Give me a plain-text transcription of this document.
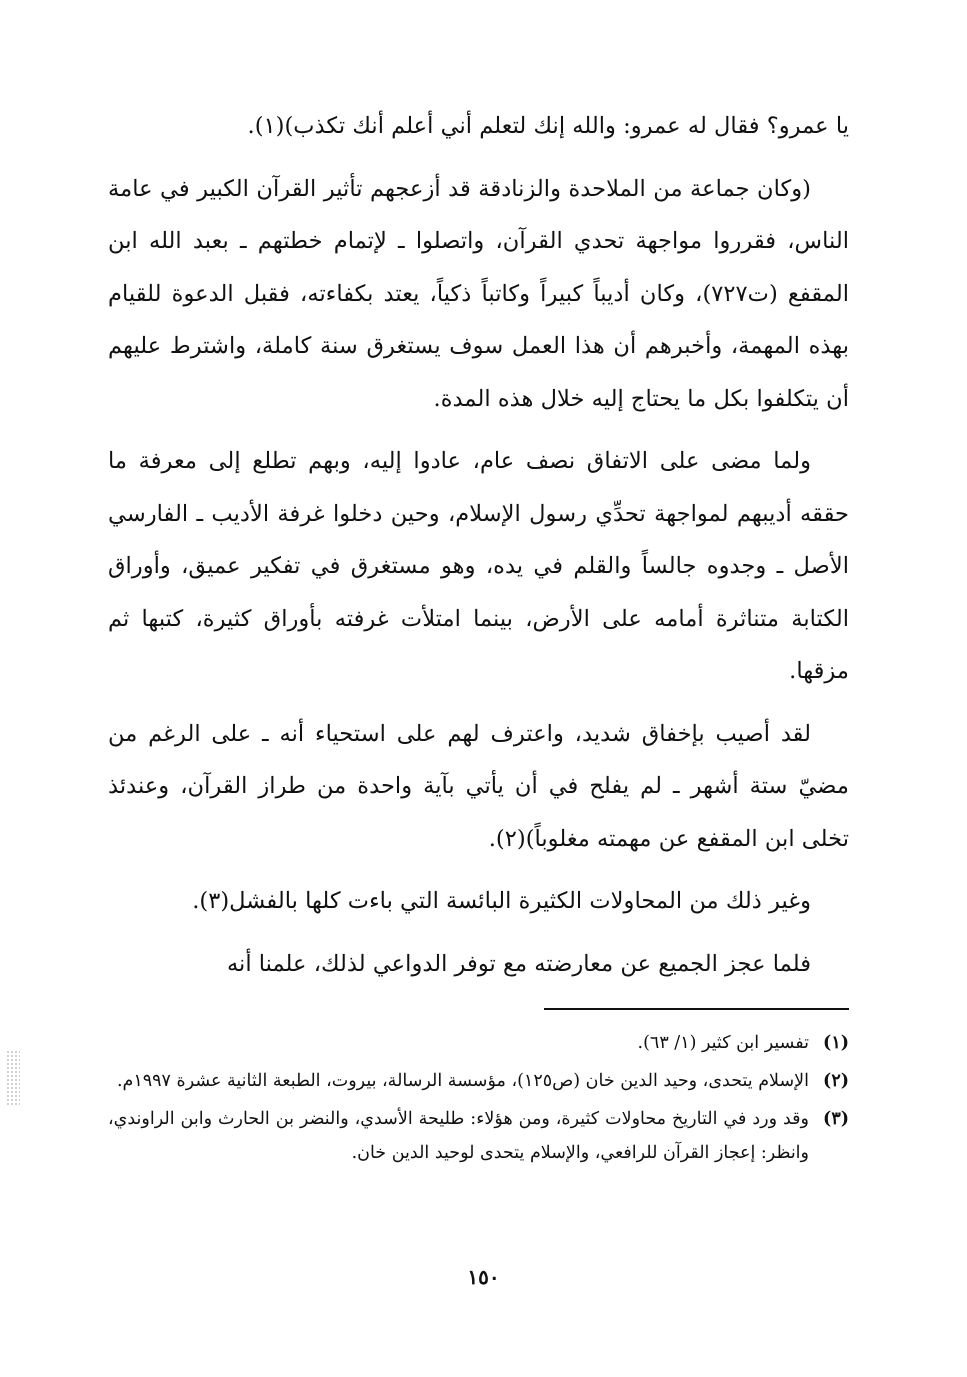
يا عمرو؟ فقال له عمرو: والله إنك لتعلم أني أعلم أنك تكذب)(١).

(وكان جماعة من الملاحدة والزنادقة قد أزعجهم تأثير القرآن الكبير في عامة الناس، فقرروا مواجهة تحدي القرآن، واتصلوا ـ لإتمام خطتهم ـ بعبد الله ابن المقفع (ت٧٢٧)، وكان أديباً كبيراً وكاتباً ذكياً، يعتد بكفاءته، فقبل الدعوة للقيام بهذه المهمة، وأخبرهم أن هذا العمل سوف يستغرق سنة كاملة، واشترط عليهم أن يتكلفوا بكل ما يحتاج إليه خلال هذه المدة.

ولما مضى على الاتفاق نصف عام، عادوا إليه، وبهم تطلع إلى معرفة ما حققه أديبهم لمواجهة تحدِّي رسول الإسلام، وحين دخلوا غرفة الأديب ـ الفارسي الأصل ـ وجدوه جالساً والقلم في يده، وهو مستغرق في تفكير عميق، وأوراق الكتابة متناثرة أمامه على الأرض، بينما امتلأت غرفته بأوراق كثيرة، كتبها ثم مزقها.

لقد أصيب بإخفاق شديد، واعترف لهم على استحياء أنه ـ على الرغم من مضيّ ستة أشهر ـ لم يفلح في أن يأتي بآية واحدة من طراز القرآن، وعندئذ تخلى ابن المقفع عن مهمته مغلوباً)(٢).

وغير ذلك من المحاولات الكثيرة البائسة التي باءت كلها بالفشل(٣).

فلما عجز الجميع عن معارضته مع توفر الدواعي لذلك، علمنا أنه

(١)
تفسير ابن كثير (١/ ٦٣).
(٢)
الإسلام يتحدى، وحيد الدين خان (ص١٢٥)، مؤسسة الرسالة، بيروت، الطبعة الثانية عشرة ١٩٩٧م.
(٣)
وقد ورد في التاريخ محاولات كثيرة، ومن هؤلاء: طليحة الأسدي، والنضر بن الحارث وابن الراوندي، وانظر: إعجاز القرآن للرافعي، والإسلام يتحدى لوحيد الدين خان.
١٥٠
